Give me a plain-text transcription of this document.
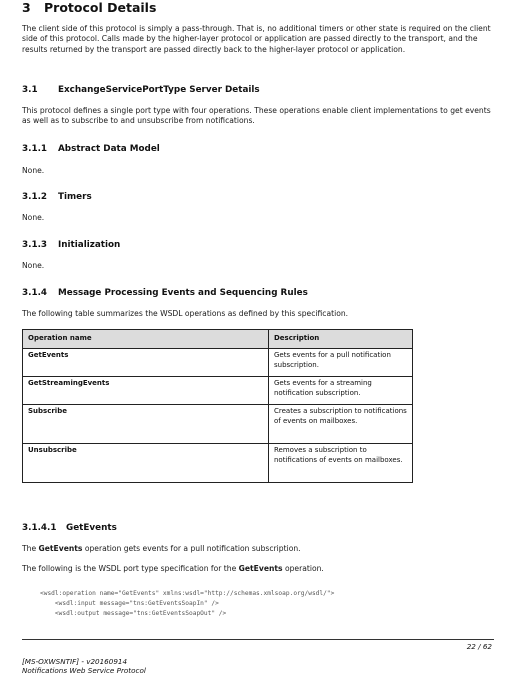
3 Protocol Details
The client side of this protocol is simply a pass-through. That is, no additional timers or other state is required on the client side of this protocol. Calls made by the higher-layer protocol or application are passed directly to the transport, and the results returned by the transport are passed directly back to the higher-layer protocol or application.
3.1 ExchangeServicePortType Server Details
This protocol defines a single port type with four operations. These operations enable client implementations to get events as well as to subscribe to and unsubscribe from notifications.
3.1.1 Abstract Data Model
None.
3.1.2 Timers
None.
3.1.3 Initialization
None.
3.1.4 Message Processing Events and Sequencing Rules
The following table summarizes the WSDL operations as defined by this specification.
Operation name	Description
GetEvents	Gets events for a pull notification subscription.
GetStreamingEvents	Gets events for a streaming notification subscription.
Subscribe	Creates a subscription to notifications of events on mailboxes.
Unsubscribe	Removes a subscription to notifications of events on mailboxes.
3.1.4.1 GetEvents
The GetEvents operation gets events for a pull notification subscription.
The following is the WSDL port type specification for the GetEvents operation.
<wsdl:operation name="GetEvents" xmlns:wsdl="http://schemas.xmlsoap.org/wsdl/">
<wsdl:input message="tns:GetEventsSoapIn" />
<wsdl:output message="tns:GetEventsSoapOut" />
22 / 62
[MS-OXWSNTIF] - v20160914
Notifications Web Service Protocol
